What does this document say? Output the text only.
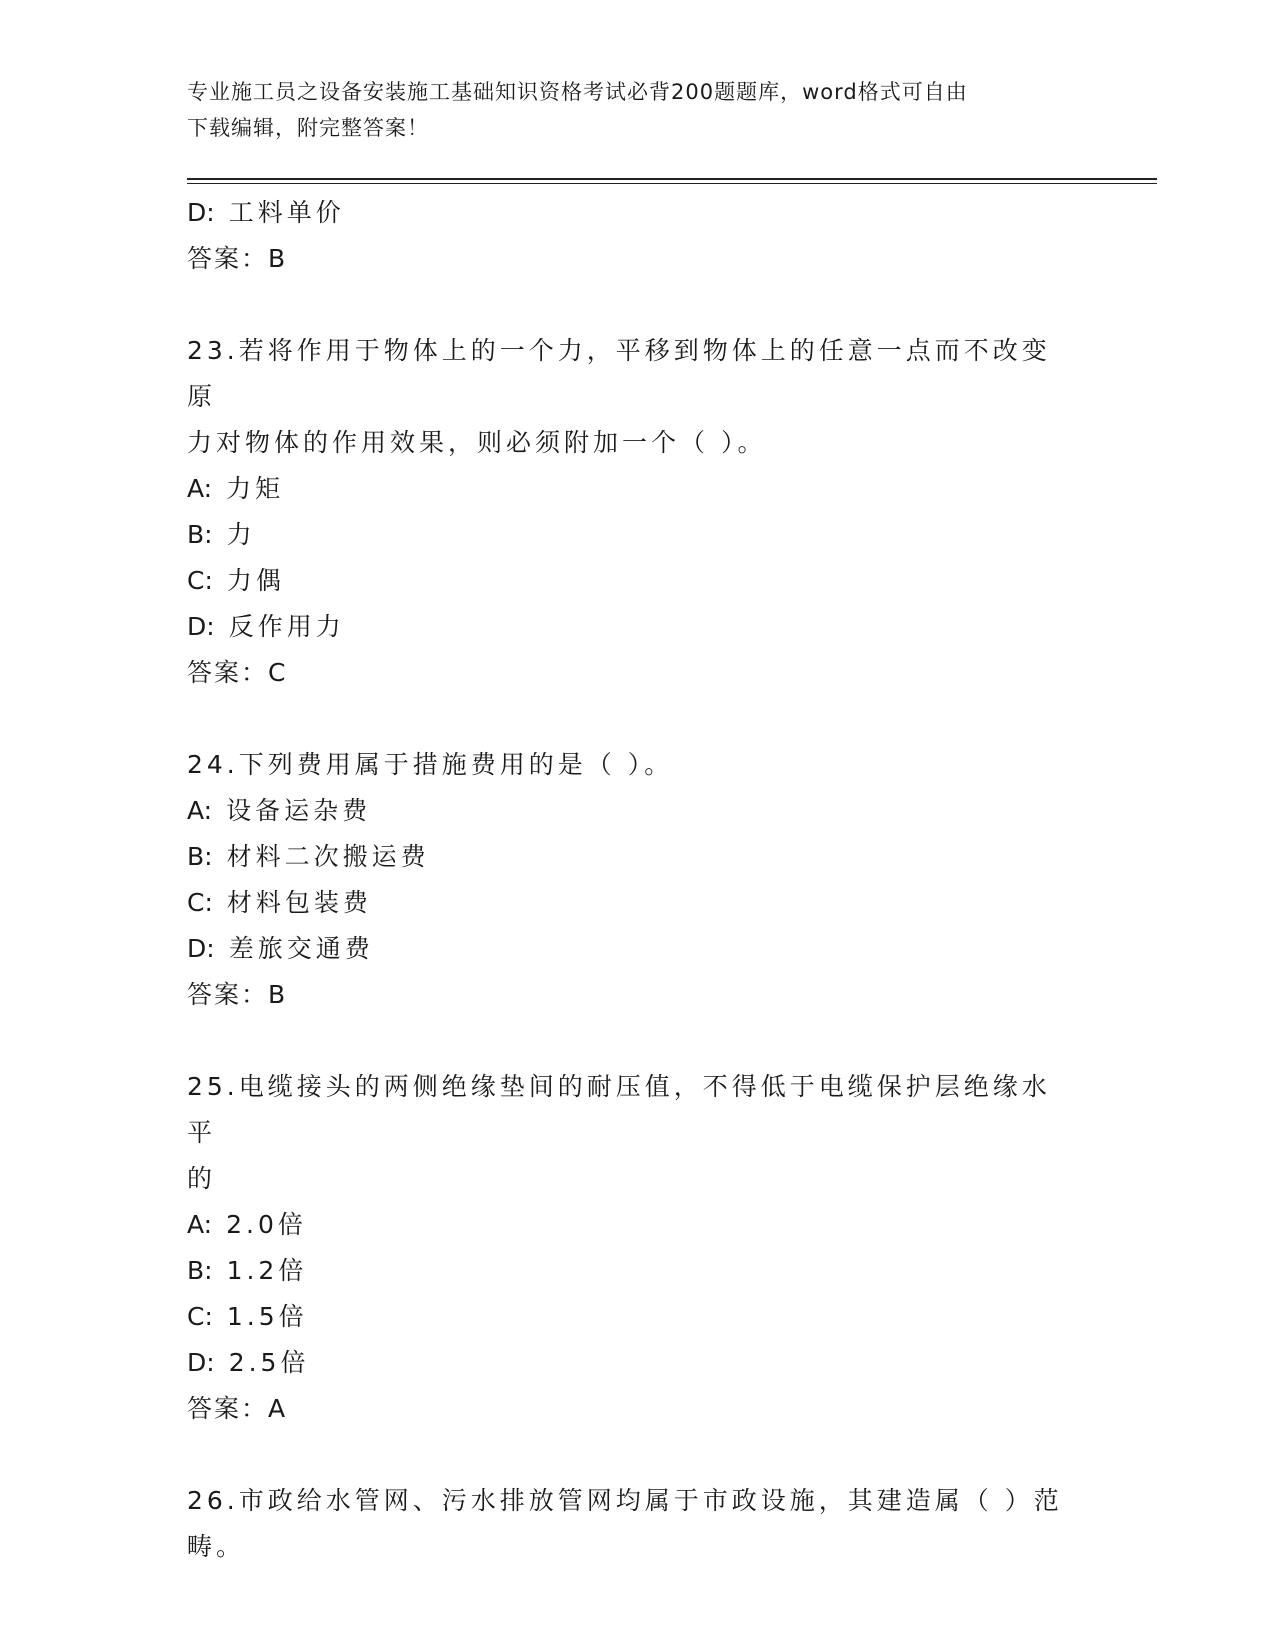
专业施工员之设备安装施工基础知识资格考试必背200题题库，word格式可自由
下载编辑，附完整答案！
D: 工料单价
答案：B
23.若将作用于物体上的一个力，平移到物体上的任意一点而不改变原
力对物体的作用效果，则必须附加一个（ ）。
A: 力矩
B: 力
C: 力偶
D: 反作用力
答案：C
24.下列费用属于措施费用的是（ ）。
A: 设备运杂费
B: 材料二次搬运费
C: 材料包装费
D: 差旅交通费
答案：B
25.电缆接头的两侧绝缘垫间的耐压值，不得低于电缆保护层绝缘水平
的
A: 2.0倍
B: 1.2倍
C: 1.5倍
D: 2.5倍
答案：A
26.市政给水管网、污水排放管网均属于市政设施，其建造属（ ）范
畴。
